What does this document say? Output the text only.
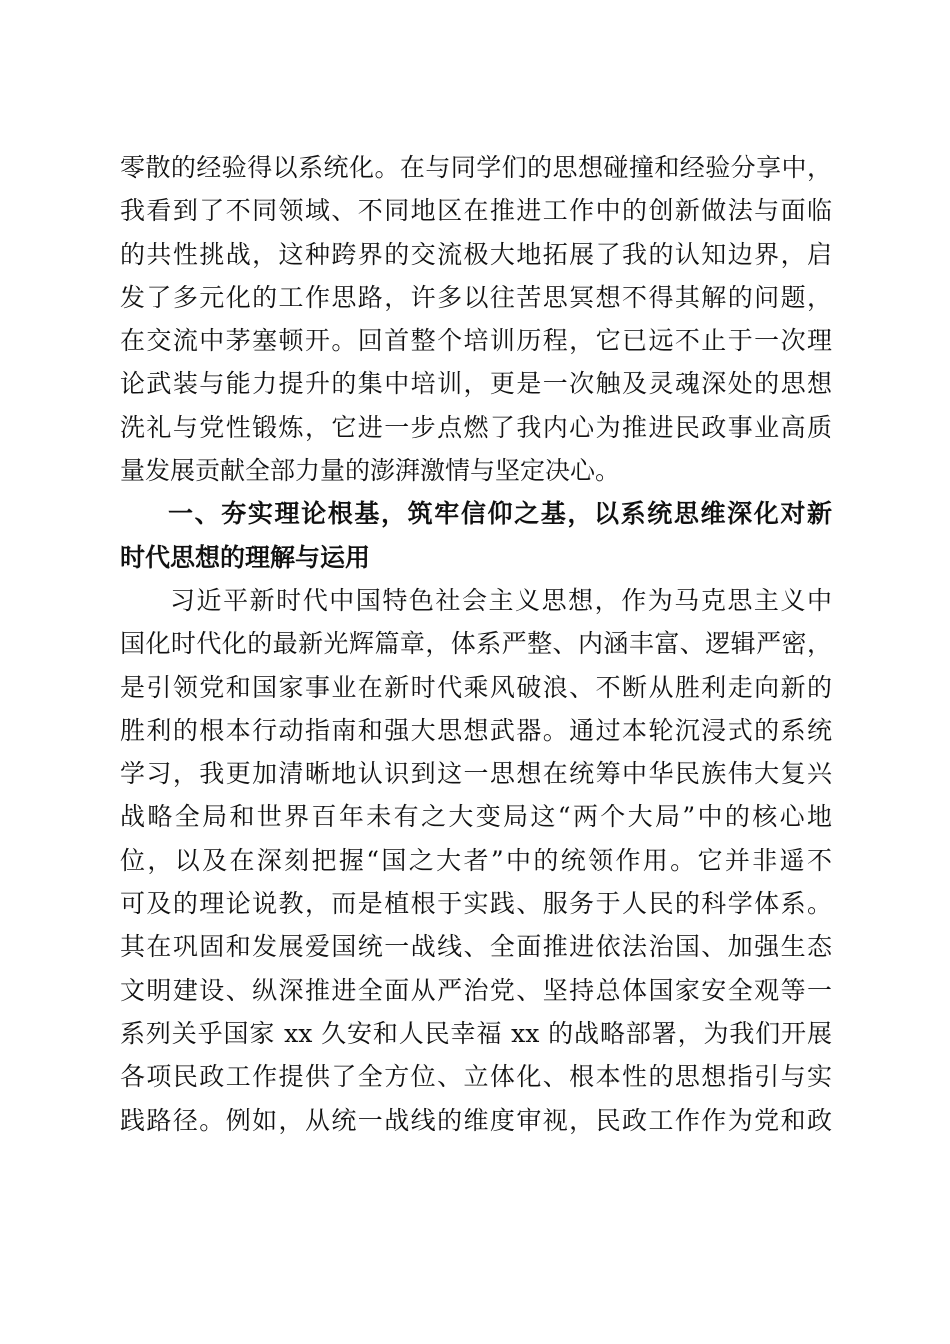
零散的经验得以系统化。在与同学们的思想碰撞和经验分享中，
我看到了不同领域、不同地区在推进工作中的创新做法与面临
的共性挑战，这种跨界的交流极大地拓展了我的认知边界，启
发了多元化的工作思路，许多以往苦思冥想不得其解的问题，
在交流中茅塞顿开。回首整个培训历程，它已远不止于一次理
论武装与能力提升的集中培训，更是一次触及灵魂深处的思想
洗礼与党性锻炼，它进一步点燃了我内心为推进民政事业高质
量发展贡献全部力量的澎湃激情与坚定决心。
一、夯实理论根基，筑牢信仰之基，以系统思维深化对新
时代思想的理解与运用
习近平新时代中国特色社会主义思想，作为马克思主义中
国化时代化的最新光辉篇章，体系严整、内涵丰富、逻辑严密，
是引领党和国家事业在新时代乘风破浪、不断从胜利走向新的
胜利的根本行动指南和强大思想武器。通过本轮沉浸式的系统
学习，我更加清晰地认识到这一思想在统筹中华民族伟大复兴
战略全局和世界百年未有之大变局这“两个大局”中的核心地
位，以及在深刻把握“国之大者”中的统领作用。它并非遥不
可及的理论说教，而是植根于实践、服务于人民的科学体系。
其在巩固和发展爱国统一战线、全面推进依法治国、加强生态
文明建设、纵深推进全面从严治党、坚持总体国家安全观等一
系列关乎国家 xx 久安和人民幸福 xx 的战略部署，为我们开展
各项民政工作提供了全方位、立体化、根本性的思想指引与实
践路径。例如，从统一战线的维度审视，民政工作作为党和政
